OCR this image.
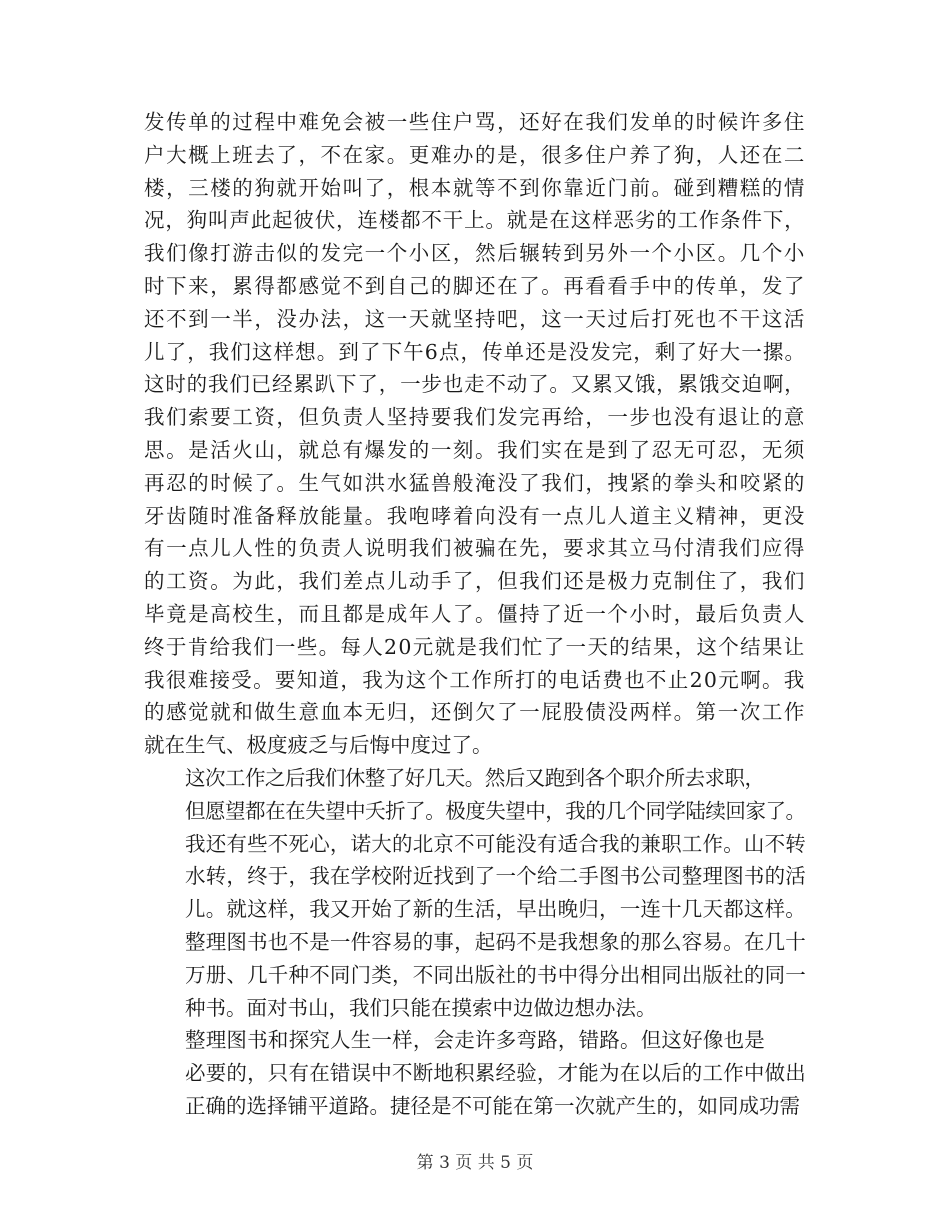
发传单的过程中难免会被一些住户骂，还好在我们发单的时候许多住
户大概上班去了，不在家。更难办的是，很多住户养了狗，人还在二
楼，三楼的狗就开始叫了，根本就等不到你靠近门前。碰到糟糕的情
况，狗叫声此起彼伏，连楼都不干上。就是在这样恶劣的工作条件下，
我们像打游击似的发完一个小区，然后辗转到另外一个小区。几个小
时下来，累得都感觉不到自己的脚还在了。再看看手中的传单，发了
还不到一半，没办法，这一天就坚持吧，这一天过后打死也不干这活
儿了，我们这样想。到了下午6点，传单还是没发完，剩了好大一摞。
这时的我们已经累趴下了，一步也走不动了。又累又饿，累饿交迫啊，
我们索要工资，但负责人坚持要我们发完再给，一步也没有退让的意
思。是活火山，就总有爆发的一刻。我们实在是到了忍无可忍，无须
再忍的时候了。生气如洪水猛兽般淹没了我们，拽紧的拳头和咬紧的
牙齿随时准备释放能量。我咆哮着向没有一点儿人道主义精神，更没
有一点儿人性的负责人说明我们被骗在先，要求其立马付清我们应得
的工资。为此，我们差点儿动手了，但我们还是极力克制住了，我们
毕竟是高校生，而且都是成年人了。僵持了近一个小时，最后负责人
终于肯给我们一些。每人20元就是我们忙了一天的结果，这个结果让
我很难接受。要知道，我为这个工作所打的电话费也不止20元啊。我
的感觉就和做生意血本无归，还倒欠了一屁股债没两样。第一次工作
就在生气、极度疲乏与后悔中度过了。
这次工作之后我们休整了好几天。然后又跑到各个职介所去求职，
但愿望都在在失望中夭折了。极度失望中，我的几个同学陆续回家了。
我还有些不死心，诺大的北京不可能没有适合我的兼职工作。山不转
水转，终于，我在学校附近找到了一个给二手图书公司整理图书的活
儿。就这样，我又开始了新的生活，早出晚归，一连十几天都这样。
整理图书也不是一件容易的事，起码不是我想象的那么容易。在几十
万册、几千种不同门类，不同出版社的书中得分出相同出版社的同一
种书。面对书山，我们只能在摸索中边做边想办法。
整理图书和探究人生一样，会走许多弯路，错路。但这好像也是
必要的，只有在错误中不断地积累经验，才能为在以后的工作中做出
正确的选择铺平道路。捷径是不可能在第一次就产生的，如同成功需
第 3 页 共 5 页
